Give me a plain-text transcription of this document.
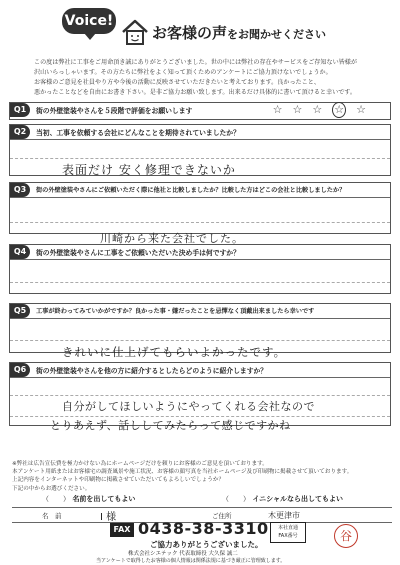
Voice!
お客様の声をお聞かせください
この度は弊社に工事をご用命頂き誠にありがとうございました。世の中には弊社の存在やサービスをご存知ない皆様が
沢山いらっしゃいます。その方たちに弊社をよく知って頂くためのアンケートにご協力頂けないでしょうか。
お客様のご意見を社員やり方や今後の活動に反映させていただきたいと考えております。良かったこと、
悪かったことなどを自由にお書き下さい。是非ご協力お願い致します。出来るだけ具体的に書いて頂けると幸いです。
Q1	街の外壁塗装やさんを５段階で評価をお願いします	☆ ☆ ☆ ☆ ☆
Q2	当初、工事を依頼する会社にどんなことを期待されていましたか？
表面だけ 安く修理できないか
Q3	街の外壁塗装やさんにご依頼いただく際に他社と比較しましたか？比較した方はどこの会社と比較しましたか？
川崎から来た会社でした。
Q4	街の外壁塗装やさんに工事をご依頼いただいた決め手は何ですか？
Q5	工事が終わってみていかがですか？良かった事・嫌だったことを忌憚なく頂戴出来ましたら幸いです
きれいに仕上げてもらいよかったです。
Q6	街の外壁塗装やさんを他の方に紹介するとしたらどのように紹介しますか？
自分がしてほしいようにやってくれる会社なので
とりあえず、話ししてみたらって感じですかね
※弊社は広告宣伝費を極力かけない為にホームページだけを頼りにお客様のご意見を頂いております。
本アンケート用紙またはお客様宅の調査風景や施工状況、お客様の顔写真を当社ホームページ及び印刷物に掲載させて頂いております。
上記内容をインターネットや印刷物に掲載させていただいてもよろしいでしょうか？
下記の中からお選びください。
（ ） 名前を出してもよい	（ ） イニシャルなら出してもよい
名　前	I 様	ご住所	木更津市
FAX 0438-38-3310	本社直通
FAX番号	谷
ご協力ありがとうございました。
株式会社シエテック 代表取締役 大久保 誠二
当アンケートで取得したお客様の個人情報は関係法規に基づき厳正に管理致します。
